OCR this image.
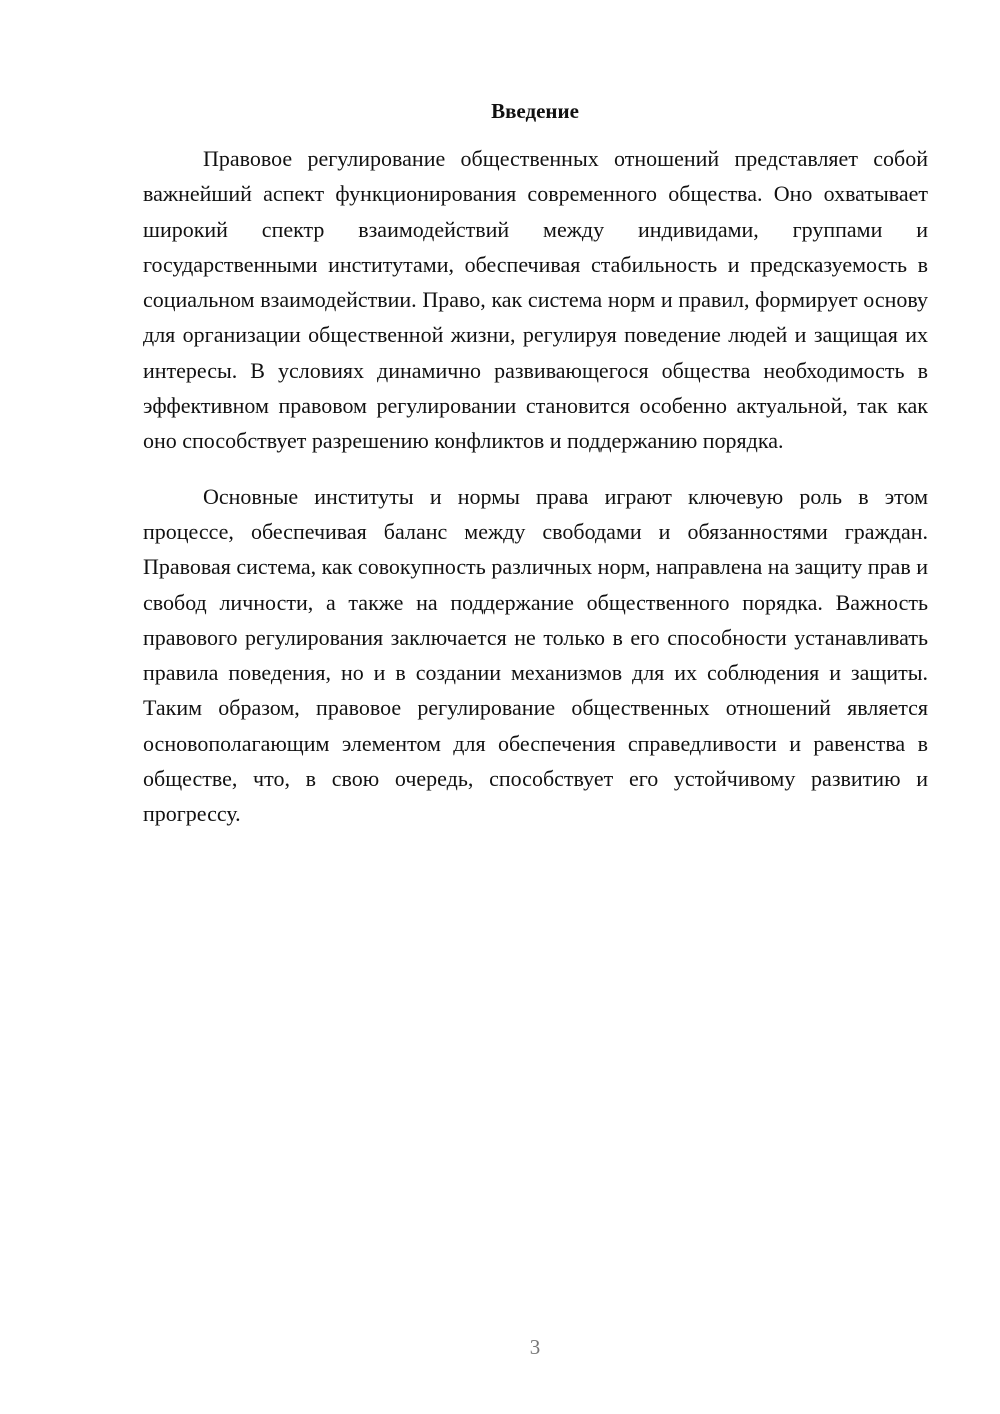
Введение

Правовое регулирование общественных отношений представляет собой важнейший аспект функционирования современного общества. Оно охватывает широкий спектр взаимодействий между индивидами, группами и государственными институтами, обеспечивая стабильность и предсказуемость в социальном взаимодействии. Право, как система норм и правил, формирует основу для организации общественной жизни, регулируя поведение людей и защищая их интересы. В условиях динамично развивающегося общества необходимость в эффективном правовом регулировании становится особенно актуальной, так как оно способствует разрешению конфликтов и поддержанию порядка.

Основные институты и нормы права играют ключевую роль в этом процессе, обеспечивая баланс между свободами и обязанностями граждан. Правовая система, как совокупность различных норм, направлена на защиту прав и свобод личности, а также на поддержание общественного порядка. Важность правового регулирования заключается не только в его способности устанавливать правила поведения, но и в создании механизмов для их соблюдения и защиты. Таким образом, правовое регулирование общественных отношений является основополагающим элементом для обеспечения справедливости и равенства в обществе, что, в свою очередь, способствует его устойчивому развитию и прогрессу.

3
